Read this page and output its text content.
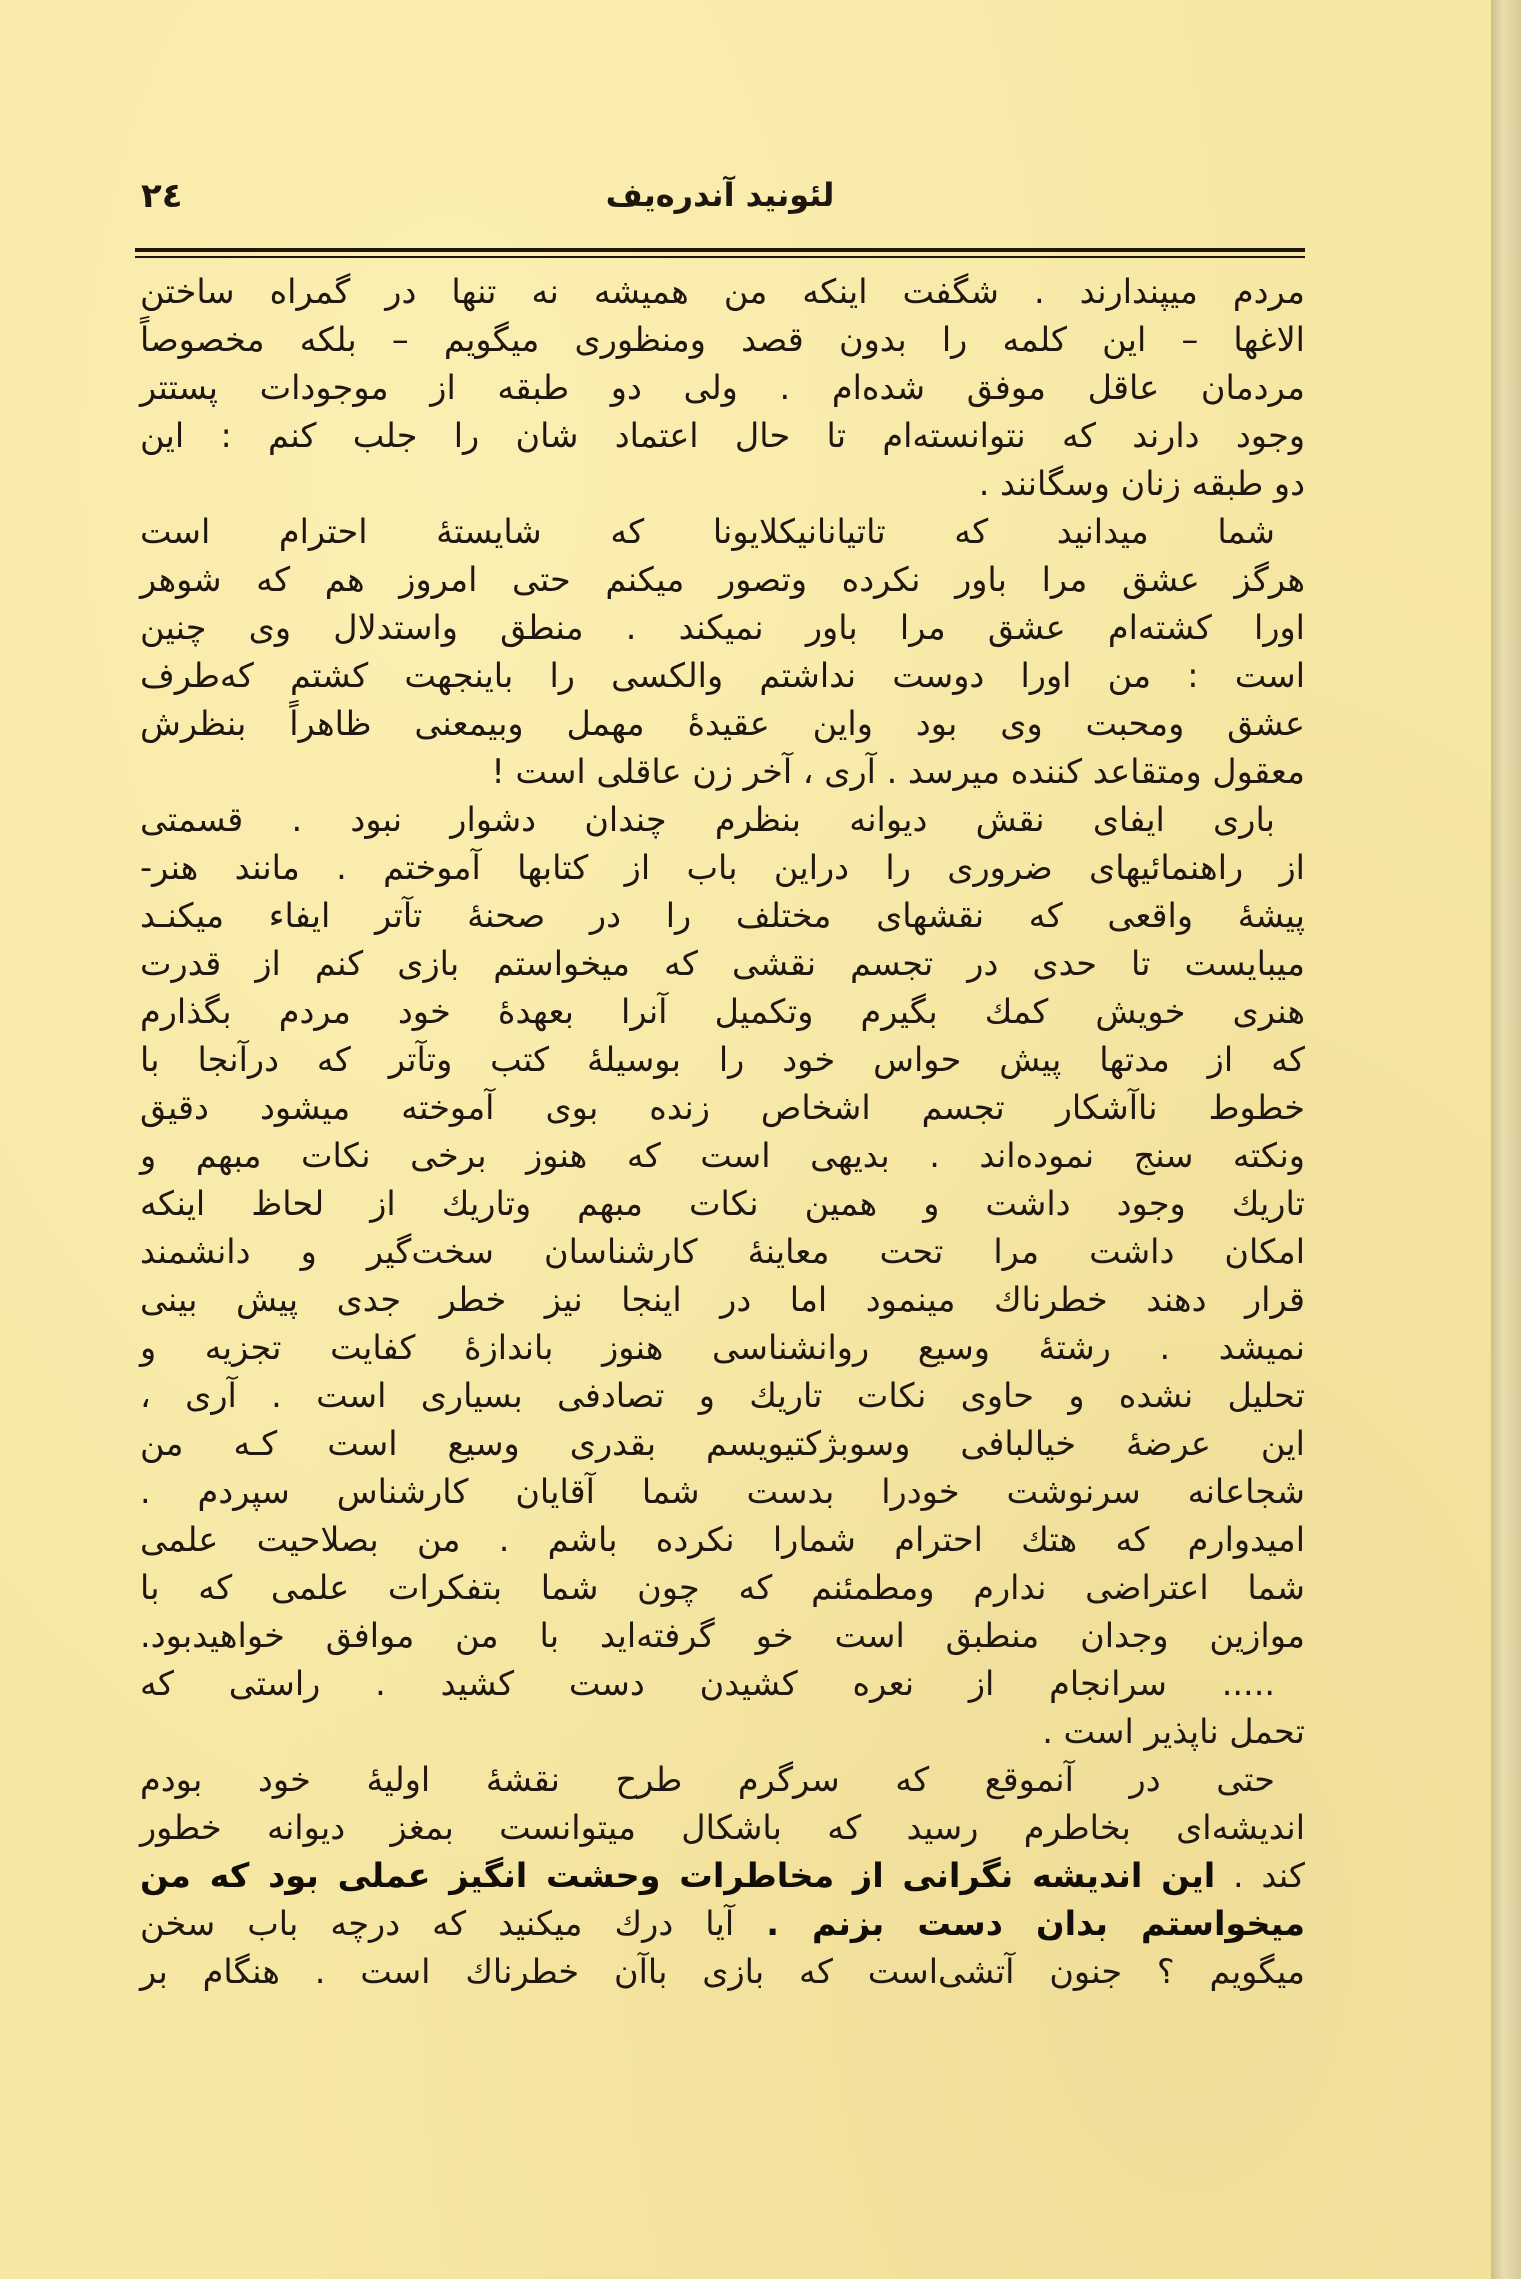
٢٤	لئونید آندره‌یف
مردم میپندارند . شگفت اینکه من همیشه نه تنها در گمراه ساختن
الاغها – این کلمه را بدون قصد ومنظوری میگویم – بلکه مخصوصاً
مردمان عاقل موفق شده‌ام . ولی دو طبقه از موجودات پستتر
وجود دارند که نتوانسته‌ام تا حال اعتماد شان را جلب کنم : این
دو طبقه زنان وسگانند .
شما میدانید که تاتیانانیکلایونا که شایستهٔ احترام است
هرگز عشق مرا باور نکرده وتصور میکنم حتی امروز هم که شوهر
اورا کشته‌ام عشق مرا باور نمیکند . منطق واستدلال وی چنین
است : من اورا دوست نداشتم والکسی را باینجهت کشتم که‌طرف
عشق ومحبت وی بود واین عقیدهٔ مهمل وبیمعنی ظاهراً بنظرش
معقول ومتقاعد کننده میرسد . آری ، آخر زن عاقلی است !
باری ایفای نقش دیوانه بنظرم چندان دشوار نبود . قسمتی
از راهنمائیهای ضروری را دراین باب از کتابها آموختم . مانند هنر-
پیشهٔ واقعی که نقشهای مختلف را در صحنهٔ تآتر ایفاء میکنـد
میبایست تا حدی در تجسم نقشی که میخواستم بازی کنم از قدرت
هنری خویش کمك بگیرم وتکمیل آنرا بعهدهٔ خود مردم بگذارم
که از مدتها پیش حواس خود را بوسیلهٔ کتب وتآتر که درآنجا با
خطوط ناآشکار تجسم اشخاص زنده بوی آموخته میشود دقیق
ونکته سنج نموده‌اند . بدیهی است که هنوز برخی نکات مبهم و
تاریك وجود داشت و همین نکات مبهم وتاریك از لحاظ اینکه
امکان داشت مرا تحت معاینهٔ کارشناسان سخت‌گیر و دانشمند
قرار دهند خطرناك مینمود اما در اینجا نیز خطر جدی پیش بینی
نمیشد . رشتهٔ وسیع روانشناسی هنوز باندازهٔ کفایت تجزیه و
تحلیل نشده و حاوی نکات تاریك و تصادفی بسیاری است . آری ،
این عرضهٔ خیالبافی وسوبژکتیویسم بقدری وسیع است کـه من
شجاعانه سرنوشت خودرا بدست شما آقایان کارشناس سپردم .
امیدوارم که هتك احترام شمارا نکرده باشم . من بصلاحیت علمی
شما اعتراضی ندارم ومطمئنم که چون شما بتفکرات علمی که با
موازین وجدان منطبق است خو گرفته‌اید با من موافق خواهیدبود.
..... سرانجام از نعره کشیدن دست کشید . راستی که
تحمل ناپذیر است .
حتی در آنموقع که سرگرم طرح نقشهٔ اولیهٔ خود بودم
اندیشه‌ای بخاطرم رسید که باشکال میتوانست بمغز دیوانه خطور
کند . این اندیشه نگرانی از مخاطرات وحشت انگیز عملی بود که من
میخواستم بدان دست بزنم . آیا درك میکنید که درچه باب سخن
میگویم ؟ جنون آتشی‌است که بازی باآن خطرناك است . هنگام بر
